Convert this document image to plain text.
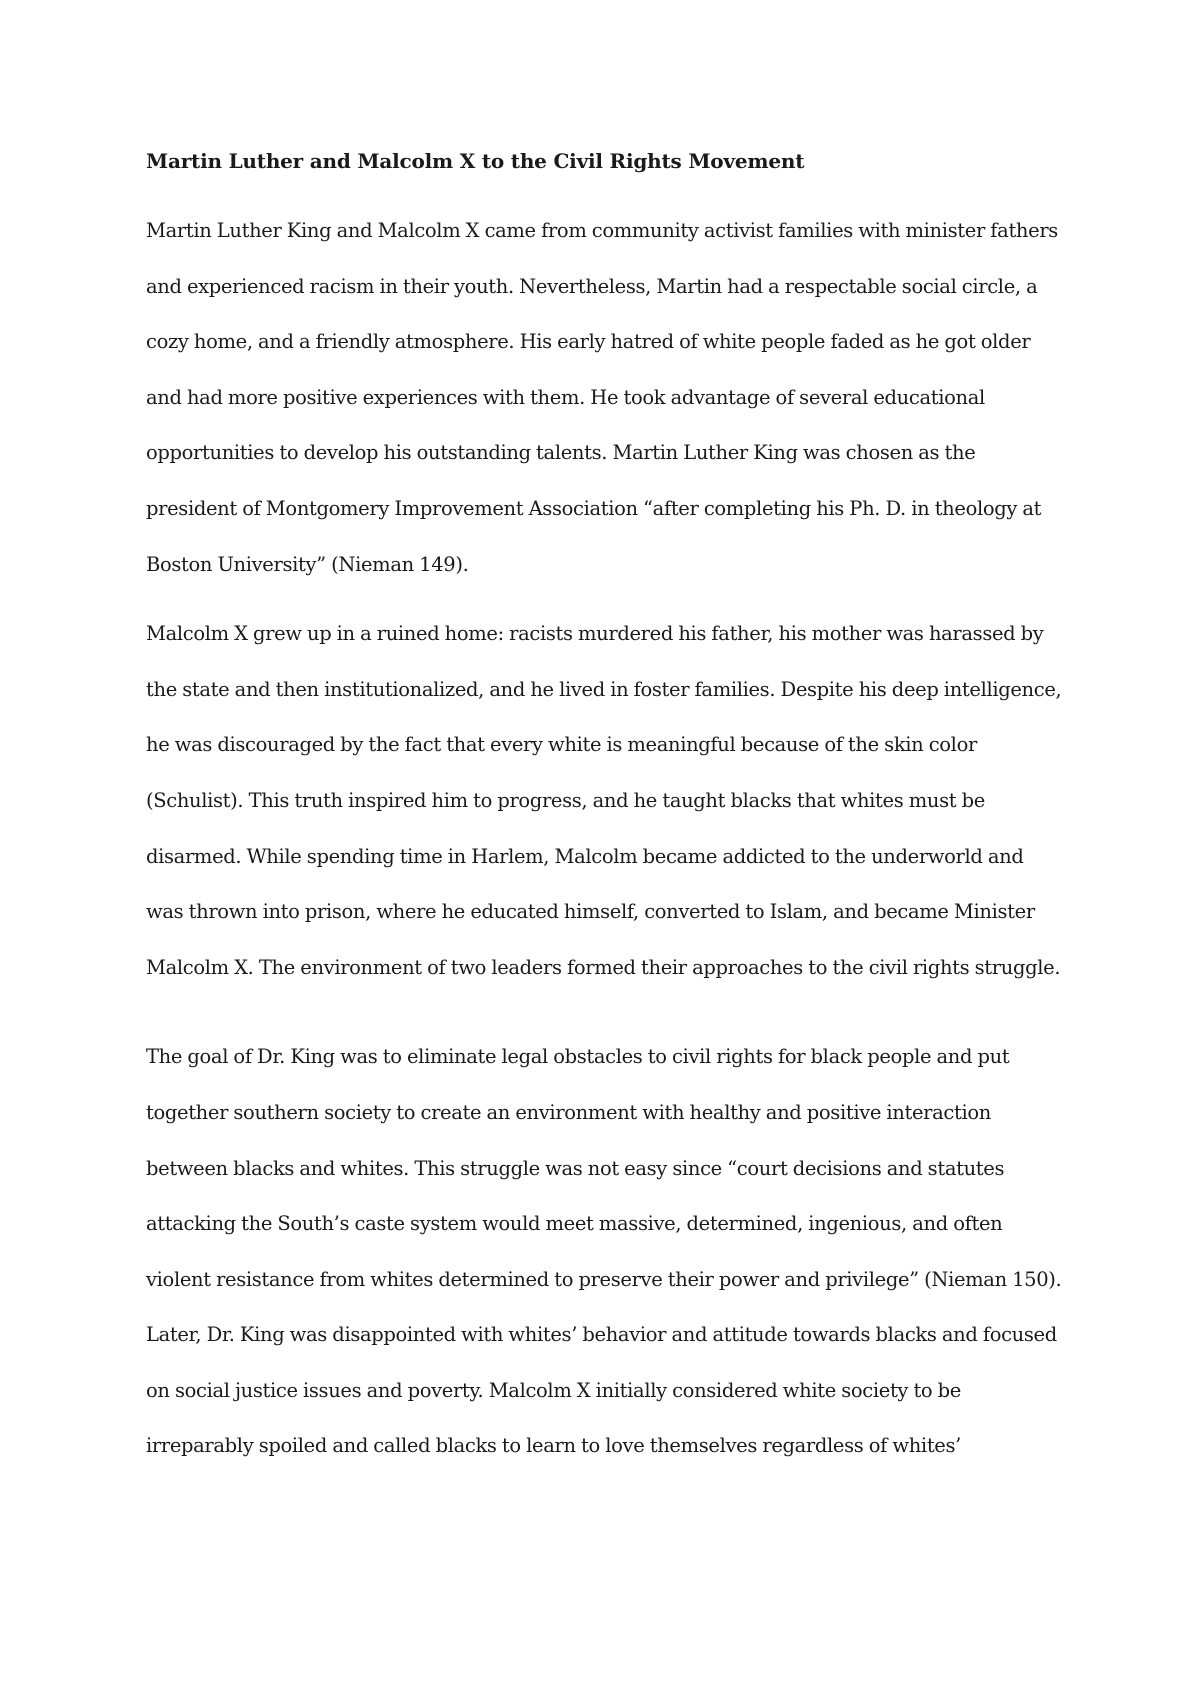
Martin Luther and Malcolm X to the Civil Rights Movement

Martin Luther King and Malcolm X came from community activist families with minister fathers and experienced racism in their youth. Nevertheless, Martin had a respectable social circle, a cozy home, and a friendly atmosphere. His early hatred of white people faded as he got older and had more positive experiences with them. He took advantage of several educational opportunities to develop his outstanding talents. Martin Luther King was chosen as the president of Montgomery Improvement Association “after completing his Ph. D. in theology at Boston University” (Nieman 149).

Malcolm X grew up in a ruined home: racists murdered his father, his mother was harassed by the state and then institutionalized, and he lived in foster families. Despite his deep intelligence, he was discouraged by the fact that every white is meaningful because of the skin color (Schulist). This truth inspired him to progress, and he taught blacks that whites must be disarmed. While spending time in Harlem, Malcolm became addicted to the underworld and was thrown into prison, where he educated himself, converted to Islam, and became Minister Malcolm X. The environment of two leaders formed their approaches to the civil rights struggle.

The goal of Dr. King was to eliminate legal obstacles to civil rights for black people and put together southern society to create an environment with healthy and positive interaction between blacks and whites. This struggle was not easy since “court decisions and statutes attacking the South’s caste system would meet massive, determined, ingenious, and often violent resistance from whites determined to preserve their power and privilege” (Nieman 150). Later, Dr. King was disappointed with whites’ behavior and attitude towards blacks and focused on social justice issues and poverty. Malcolm X initially considered white society to be irreparably spoiled and called blacks to learn to love themselves regardless of whites’
